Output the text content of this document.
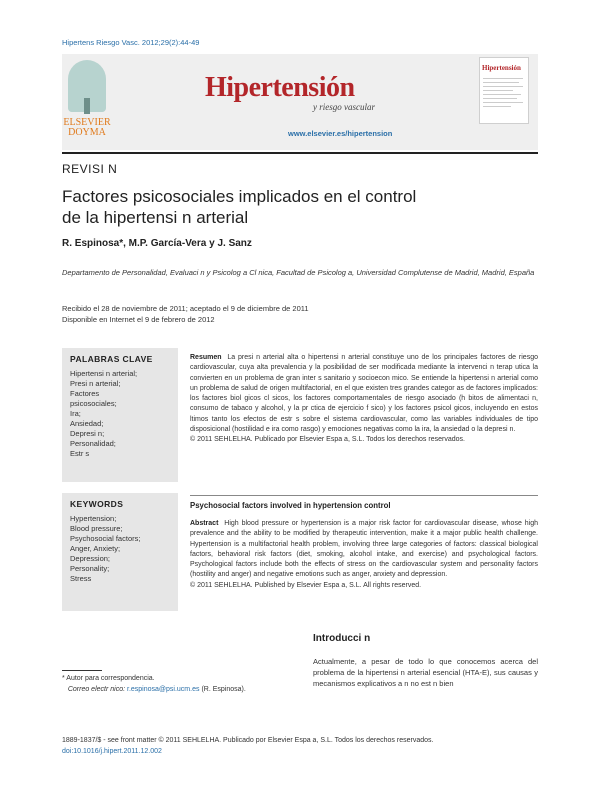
Hipertens Riesgo Vasc. 2012;29(2):44-49
ELSEVIER
DOYMA
Hipertensión
y riesgo vascular
www.elsevier.es/hipertension
Hipertensión
REVISI N
Factores psicosociales implicados en el control
de la hipertensi n arterial
R. Espinosa*, M.P. García-Vera y J. Sanz
Departamento de Personalidad, Evaluaci n y Psicolog a Cl nica, Facultad de Psicolog a, Universidad Complutense de Madrid, Madrid, España
Recibido el 28 de noviembre de 2011; aceptado el 9 de diciembre de 2011
Disponible en Internet el 9 de febrero de 2012
PALABRAS CLAVE
Hipertensi n arterial;
Presi n arterial;
Factores
psicosociales;
Ira;
Ansiedad;
Depresi n;
Personalidad;
Estr s
KEYWORDS
Hypertension;
Blood pressure;
Psychosocial factors;
Anger, Anxiety;
Depression;
Personality;
Stress
Resumen La presi n arterial alta o hipertensi n arterial constituye uno de los principales factores de riesgo cardiovascular, cuya alta prevalencia y la posibilidad de ser modificada mediante la intervenci n terap utica la convierten en un problema de gran inter s sanitario y socioecon mico. Se entiende la hipertensi n arterial como un problema de salud de origen multifactorial, en el que existen tres grandes categor as de factores implicados: los factores biol gicos cl sicos, los factores comportamentales de riesgo asociado (h bitos de alimentaci n, consumo de tabaco y alcohol, y la pr ctica de ejercicio f sico) y los factores psicol gicos, incluyendo en estos ltimos tanto los efectos de estr s sobre el sistema cardiovascular, como las variables individuales de tipo disposicional (hostilidad e ira como rasgo) y emociones negativas como la ira, la ansiedad o la depresi n.
© 2011 SEHLELHA. Publicado por Elsevier Espa a, S.L. Todos los derechos reservados.
Psychosocial factors involved in hypertension control
Abstract High blood pressure or hypertension is a major risk factor for cardiovascular disease, whose high prevalence and the ability to be modified by therapeutic intervention, make it a major public health challenge. Hypertension is a multifactorial health problem, involving three large categories of factors: classical biological factors, behavioral risk factors (diet, smoking, alcohol intake, and exercise) and psychological factors. Psychological factors include both the effects of stress on the cardiovascular system and personality factors (hostility and anger) and negative emotions such as anger, anxiety and depression.
© 2011 SEHLELHA. Published by Elsevier Espa a, S.L. All rights reserved.
Introducci n
Actualmente, a pesar de todo lo que conocemos acerca del problema de la hipertensi n arterial esencial (HTA-E), sus causas y mecanismos explicativos a n no est n bien
* Autor para correspondencia.
Correo electr nico: r.espinosa@psi.ucm.es (R. Espinosa).
1889-1837/$ - see front matter © 2011 SEHLELHA. Publicado por Elsevier Espa a, S.L. Todos los derechos reservados.
doi:10.1016/j.hipert.2011.12.002
